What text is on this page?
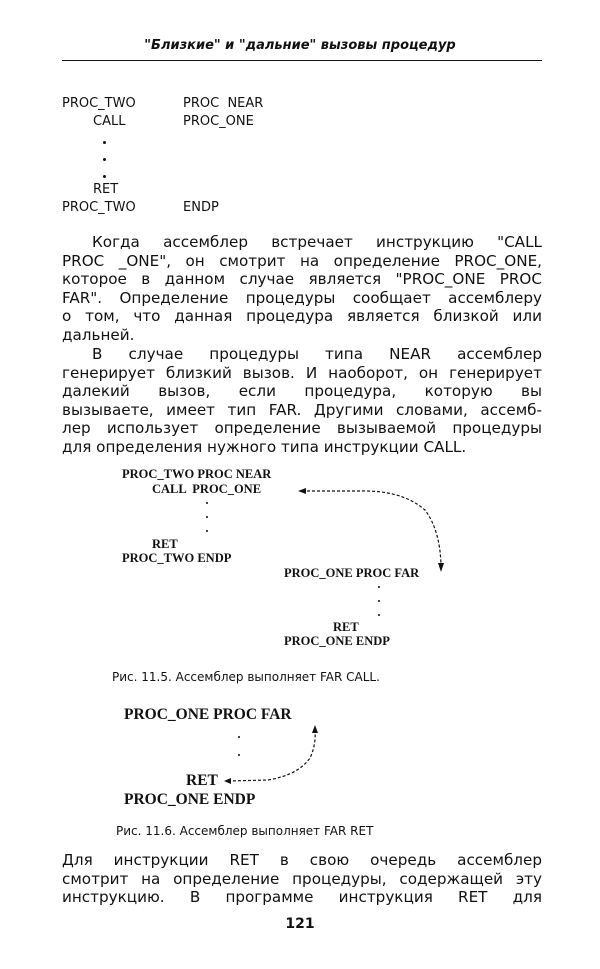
"Близкие" и "дальние" вызовы процедур
PROC_TWO	PROC  NEAR
CALL	PROC_ONE
RET
PROC_TWO	ENDP
Когда ассемблер встречает инструкцию "CALL
PROC _ONE", он смотрит на определение PROC_ONE,
которое в данном случае является "PROC_ONE PROC
FAR". Определение процедуры сообщает ассемблеру
о том, что данная процедура является близкой или
дальней.
В случае процедуры типа NEAR ассемблер
генерирует близкий вызов. И наоборот, он генерирует
далекий вызов, если процедура, которую вы
вызываете, имеет тип FAR. Другими словами, ассемб-
лер использует определение вызываемой процедуры
для определения нужного типа инструкции CALL.
PROC_TWO PROC NEAR
CALL  PROC_ONE
RET
PROC_TWO ENDP
PROC_ONE PROC FAR
RET
PROC_ONE ENDP
Рис. 11.5. Ассемблер выполняет FAR CALL.
PROC_ONE PROC FAR
RET
PROC_ONE ENDP
Рис. 11.6. Ассемблер выполняет FAR RET
Для инструкции RET в свою очередь ассемблер
смотрит на определение процедуры, содержащей эту
инструкцию. В программе инструкция RET для
121
